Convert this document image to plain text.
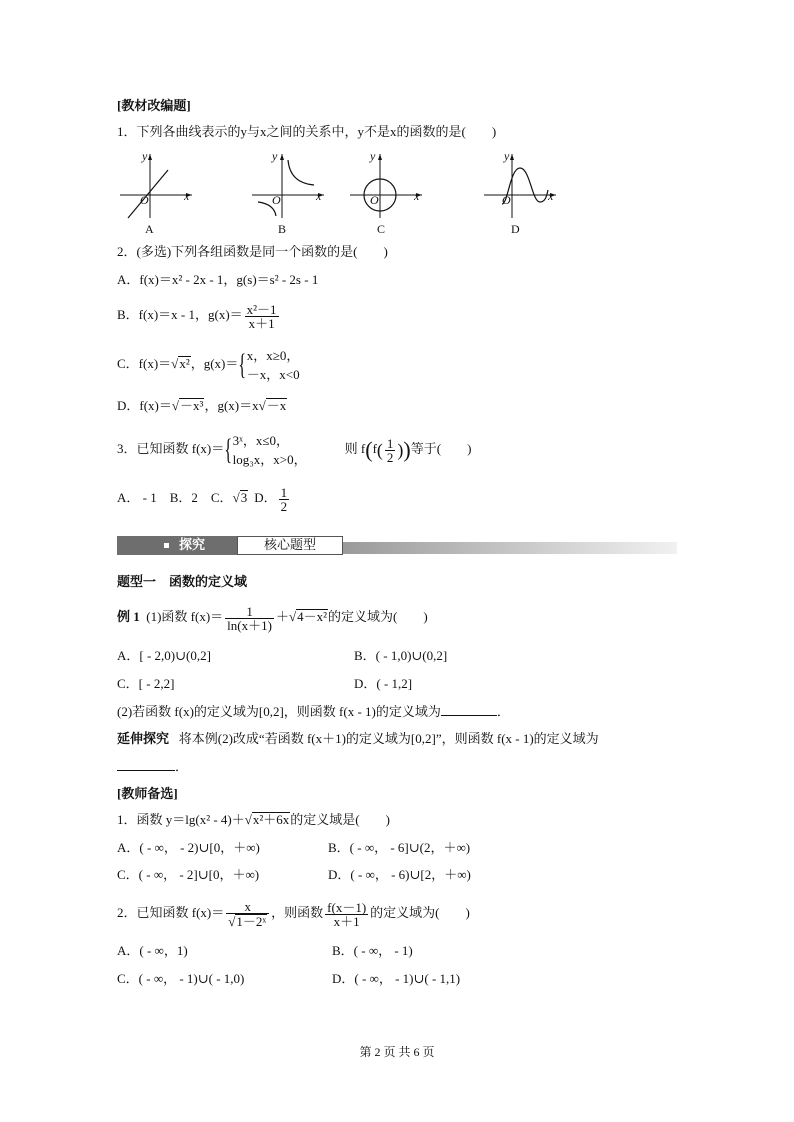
[教材改编题]
1．下列各曲线表示的y与x之间的关系中，y不是x的函数的是(　　)
y
x
O
A
y
x
O
B
y
x
O
C
y
x
O
D
2．(多选)下列各组函数是同一个函数的是(　　)
A．f(x)＝x² - 2x - 1，g(s)＝s² - 2s - 1
B．f(x)＝x - 1，$g(x)= \frac{\text{x²－1}}{x+1}$
C．f(x)＝√x²，g(x)＝{ x，x≥0，
－x，x<0
D．f(x)＝√－x³，g(x)＝x√－x
3．已知函数 f(x)＝{ 3ˣ，x≤0，
log₃x，x>0，
则 $f(f( \frac{1}{2}$ ))等于(　　)
A． - 1　B．2　C．√3 D． $\frac{1}{2}$
探究	核心题型
题型一　函数的定义域
例 1 (1)函数 $f(x)= \frac{1}{\ln(x+1)} +√4-x^2$的定义域为(　　)
A．[ - 2,0)∪(0,2]	B．( - 1,0)∪(0,2]
C．[ - 2,2]	D．( - 1,2]
(2)若函数 f(x)的定义域为[0,2]，则函数 f(x - 1)的定义域为	．
延伸探究 将本例(2)改成“若函数 f(x＋1)的定义域为[0,2]”，则函数 f(x - 1)的定义域为
．
[教师备选]
1．函数 y＝lg(x² - 4)＋√x²＋6x的定义域是(　　)
A．( - ∞， - 2)∪[0，＋∞)	B．( - ∞， - 6]∪(2，＋∞)
C．( - ∞， - 2]∪[0，＋∞)	D．( - ∞， - 6)∪[2，＋∞)
2．已知函数 $f(x)= \frac{x}{\text{√1－2ˣ}}$ ，则函数 $\frac{f(x-1)}{x+1}$ 的定义域为(　　)
A．( - ∞，1)	B．( - ∞， - 1)
C．( - ∞， - 1)∪( - 1,0)	D．( - ∞， - 1)∪( - 1,1)
第 2 页 共 6 页
